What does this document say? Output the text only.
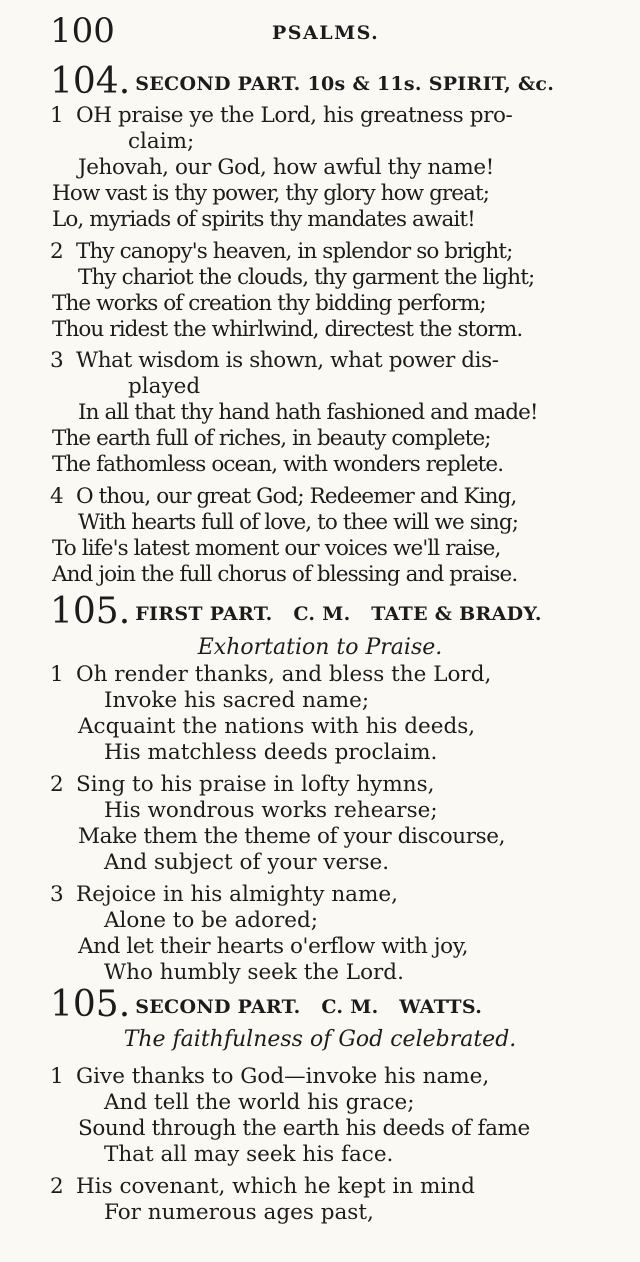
100	PSALMS.
104. SECOND PART. 10s & 11s. SPIRIT, &c.
1 OH praise ye the Lord, his greatness pro-
claim;
Jehovah, our God, how awful thy name!
How vast is thy power, thy glory how great;
Lo, myriads of spirits thy mandates await!
2 Thy canopy's heaven, in splendor so bright;
Thy chariot the clouds, thy garment the light;
The works of creation thy bidding perform;
Thou ridest the whirlwind, directest the storm.
3 What wisdom is shown, what power dis-
played
In all that thy hand hath fashioned and made!
The earth full of riches, in beauty complete;
The fathomless ocean, with wonders replete.
4 O thou, our great God; Redeemer and King,
With hearts full of love, to thee will we sing;
To life's latest moment our voices we'll raise,
And join the full chorus of blessing and praise.
105. FIRST PART.   C. M.   TATE & BRADY.
Exhortation to Praise.
1 Oh render thanks, and bless the Lord,
Invoke his sacred name;
Acquaint the nations with his deeds,
His matchless deeds proclaim.
2 Sing to his praise in lofty hymns,
His wondrous works rehearse;
Make them the theme of your discourse,
And subject of your verse.
3 Rejoice in his almighty name,
Alone to be adored;
And let their hearts o'erflow with joy,
Who humbly seek the Lord.
105. SECOND PART.   C. M.   WATTS.
The faithfulness of God celebrated.
1 Give thanks to God—invoke his name,
And tell the world his grace;
Sound through the earth his deeds of fame
That all may seek his face.
2 His covenant, which he kept in mind
For numerous ages past,
